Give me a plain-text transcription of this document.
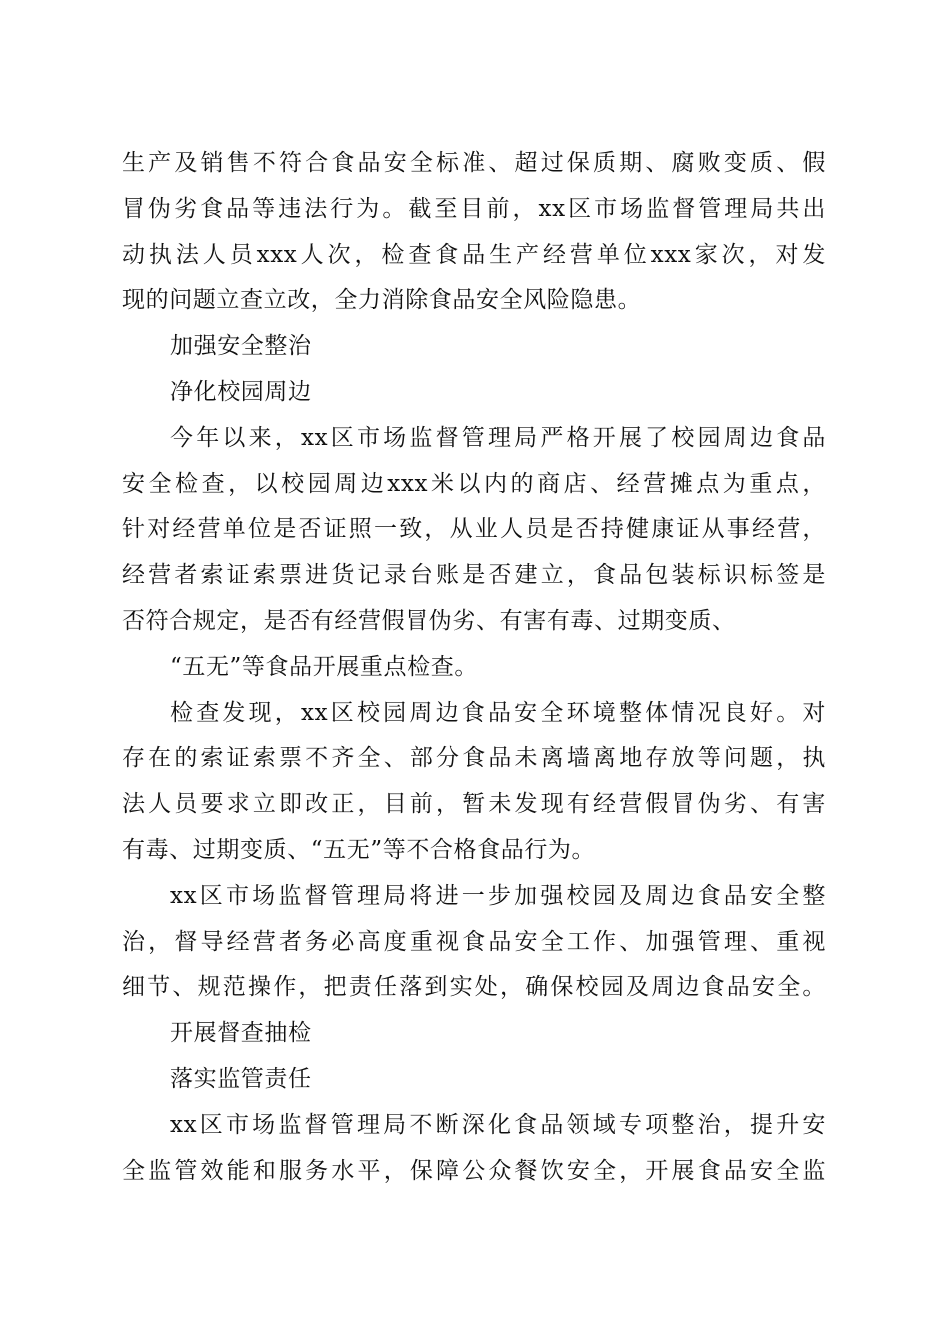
生产及销售不符合食品安全标准、超过保质期、腐败变质、假
冒伪劣食品等违法行为。截至目前，xx区市场监督管理局共出
动执法人员xxx人次，检查食品生产经营单位xxx家次，对发
现的问题立查立改，全力消除食品安全风险隐患。
加强安全整治
净化校园周边
今年以来，xx区市场监督管理局严格开展了校园周边食品
安全检查，以校园周边xxx米以内的商店、经营摊点为重点，
针对经营单位是否证照一致，从业人员是否持健康证从事经营，
经营者索证索票进货记录台账是否建立，食品包装标识标签是
否符合规定，是否有经营假冒伪劣、有害有毒、过期变质、
“五无”等食品开展重点检查。
检查发现，xx区校园周边食品安全环境整体情况良好。对
存在的索证索票不齐全、部分食品未离墙离地存放等问题，执
法人员要求立即改正，目前，暂未发现有经营假冒伪劣、有害
有毒、过期变质、“五无”等不合格食品行为。
xx区市场监督管理局将进一步加强校园及周边食品安全整
治，督导经营者务必高度重视食品安全工作、加强管理、重视
细节、规范操作，把责任落到实处，确保校园及周边食品安全。
开展督查抽检
落实监管责任
xx区市场监督管理局不断深化食品领域专项整治，提升安
全监管效能和服务水平，保障公众餐饮安全，开展食品安全监
